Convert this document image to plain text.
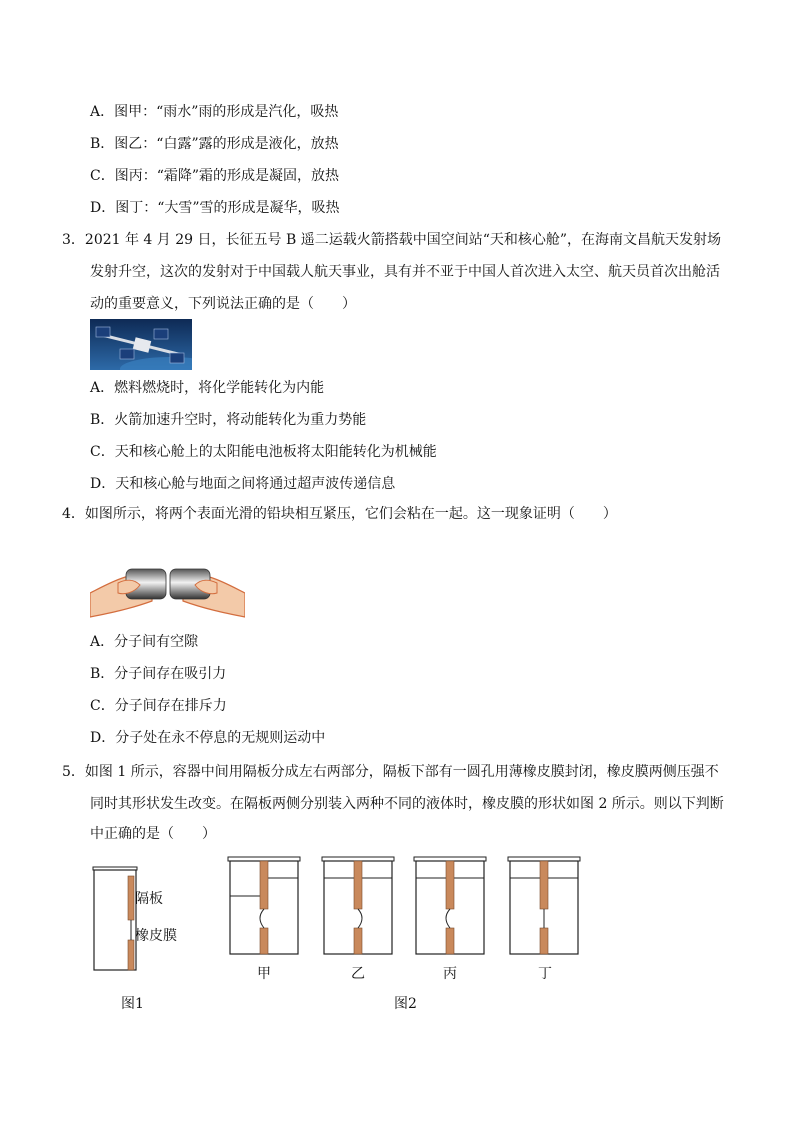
A．图甲：“雨水”雨的形成是汽化，吸热
B．图乙：“白露”露的形成是液化，放热
C．图丙：“霜降”霜的形成是凝固，放热
D．图丁：“大雪”雪的形成是凝华，吸热
3．2021 年 4 月 29 日，长征五号 B 遥二运载火箭搭载中国空间站“天和核心舱”，在海南文昌航天发射场
发射升空，这次的发射对于中国载人航天事业，具有并不亚于中国人首次进入太空、航天员首次出舱活
动的重要意义，下列说法正确的是（　　）
A．燃料燃烧时，将化学能转化为内能
B．火箭加速升空时，将动能转化为重力势能
C．天和核心舱上的太阳能电池板将太阳能转化为机械能
D．天和核心舱与地面之间将通过超声波传递信息
4．如图所示，将两个表面光滑的铅块相互紧压，它们会粘在一起。这一现象证明（　　）
A．分子间有空隙
B．分子间存在吸引力
C．分子间存在排斥力
D．分子处在永不停息的无规则运动中
5．如图 1 所示，容器中间用隔板分成左右两部分，隔板下部有一圆孔用薄橡皮膜封闭，橡皮膜两侧压强不
同时其形状发生改变。在隔板两侧分别装入两种不同的液体时，橡皮膜的形状如图 2 所示。则以下判断
中正确的是（　　）
隔板
橡皮膜
图1
甲	乙	丙	丁
图2
